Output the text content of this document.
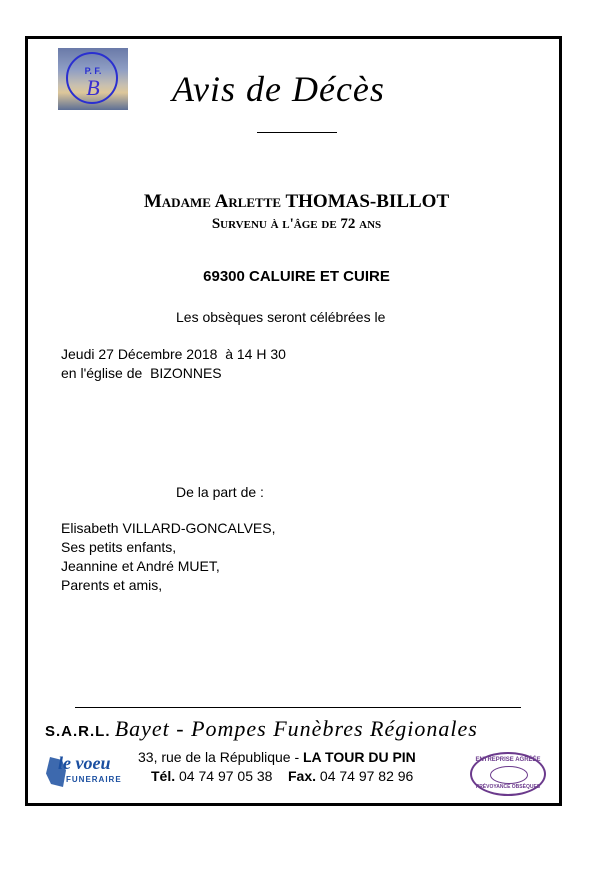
P. F.
B	Avis de Décès
Madame Arlette THOMAS-BILLOT
Survenu à l'âge de 72 ans
69300 CALUIRE ET CUIRE
Les obsèques seront célébrées le
Jeudi 27 Décembre 2018  à 14 H 30
en l'église de  BIZONNES
De la part de :
Elisabeth VILLARD-GONCALVES,
Ses petits enfants,
Jeannine et André MUET,
Parents et amis,
S.A.R.L. Bayet - Pompes Funèbres Régionales
le voeu
FUNERAIRE
33, rue de la République - LA TOUR DU PIN
Tél. 04 74 97 05 38 Fax. 04 74 97 82 96
ENTREPRISE AGRÉÉE
PRÉVOYANCE OBSÈQUES
